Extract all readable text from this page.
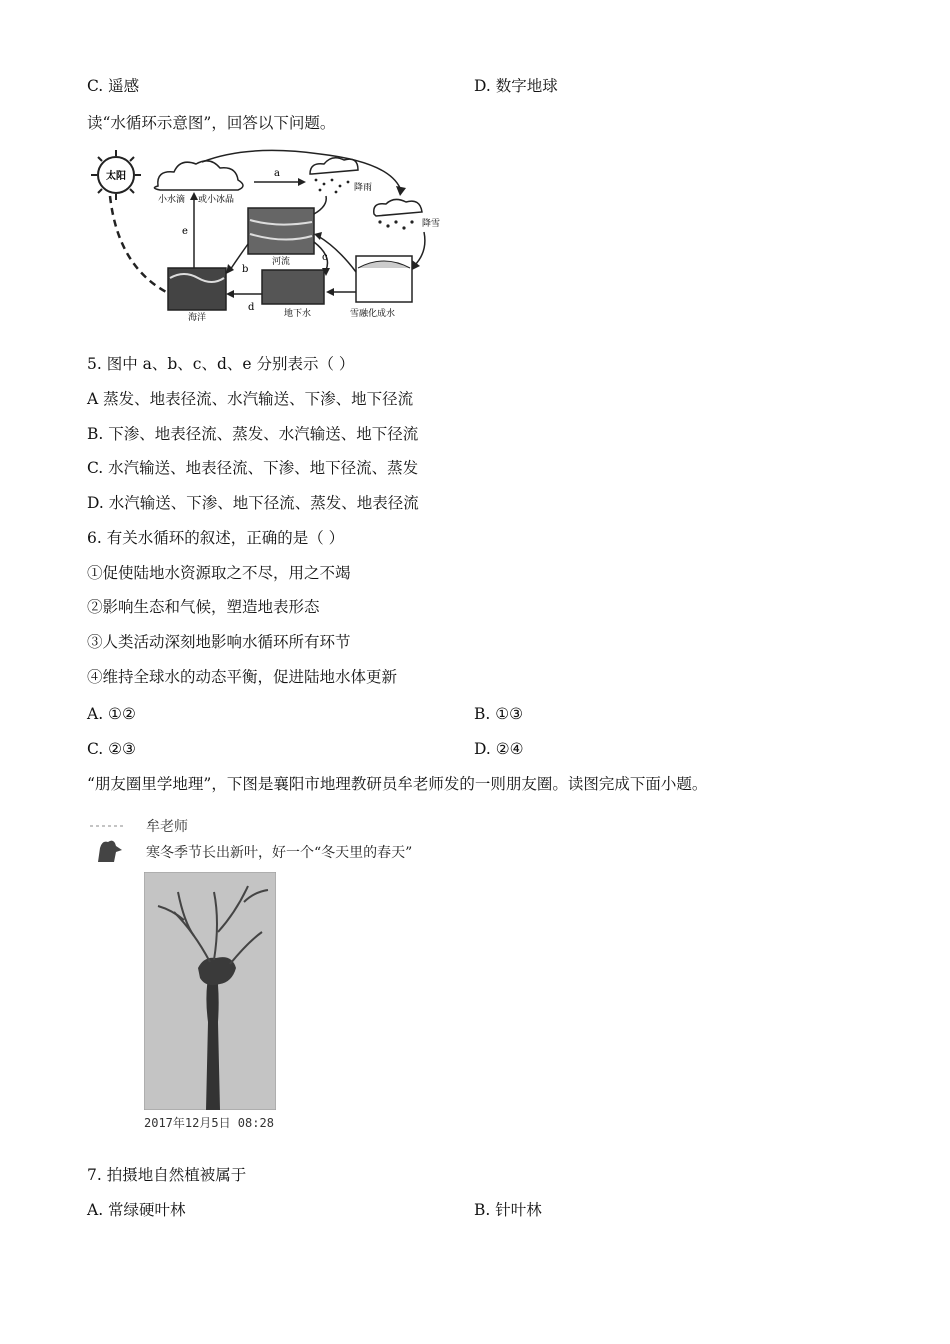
C. 遥感	D. 数字地球
读“水循环示意图”，回答以下问题。
太阳
小水滴 或小冰晶
a
降雨
降雪
河流
雪融化成水
c
地下水
b
d
海洋
e
5. 图中 a、b、c、d、e 分别表示（ ）
A 蒸发、地表径流、水汽输送、下渗、地下径流
B. 下渗、地表径流、蒸发、水汽输送、地下径流
C. 水汽输送、地表径流、下渗、地下径流、蒸发
D. 水汽输送、下渗、地下径流、蒸发、地表径流
6. 有关水循环的叙述，正确的是（ ）
①促使陆地水资源取之不尽，用之不竭
②影响生态和气候，塑造地表形态
③人类活动深刻地影响水循环所有环节
④维持全球水的动态平衡，促进陆地水体更新
A. ①②	B. ①③
C. ②③	D. ②④
“朋友圈里学地理”，下图是襄阳市地理教研员牟老师发的一则朋友圈。读图完成下面小题。
牟老师
寒冬季节长出新叶，好一个“冬天里的春天”
2017年12月5日 08:28
7. 拍摄地自然植被属于
A. 常绿硬叶林	B. 针叶林
